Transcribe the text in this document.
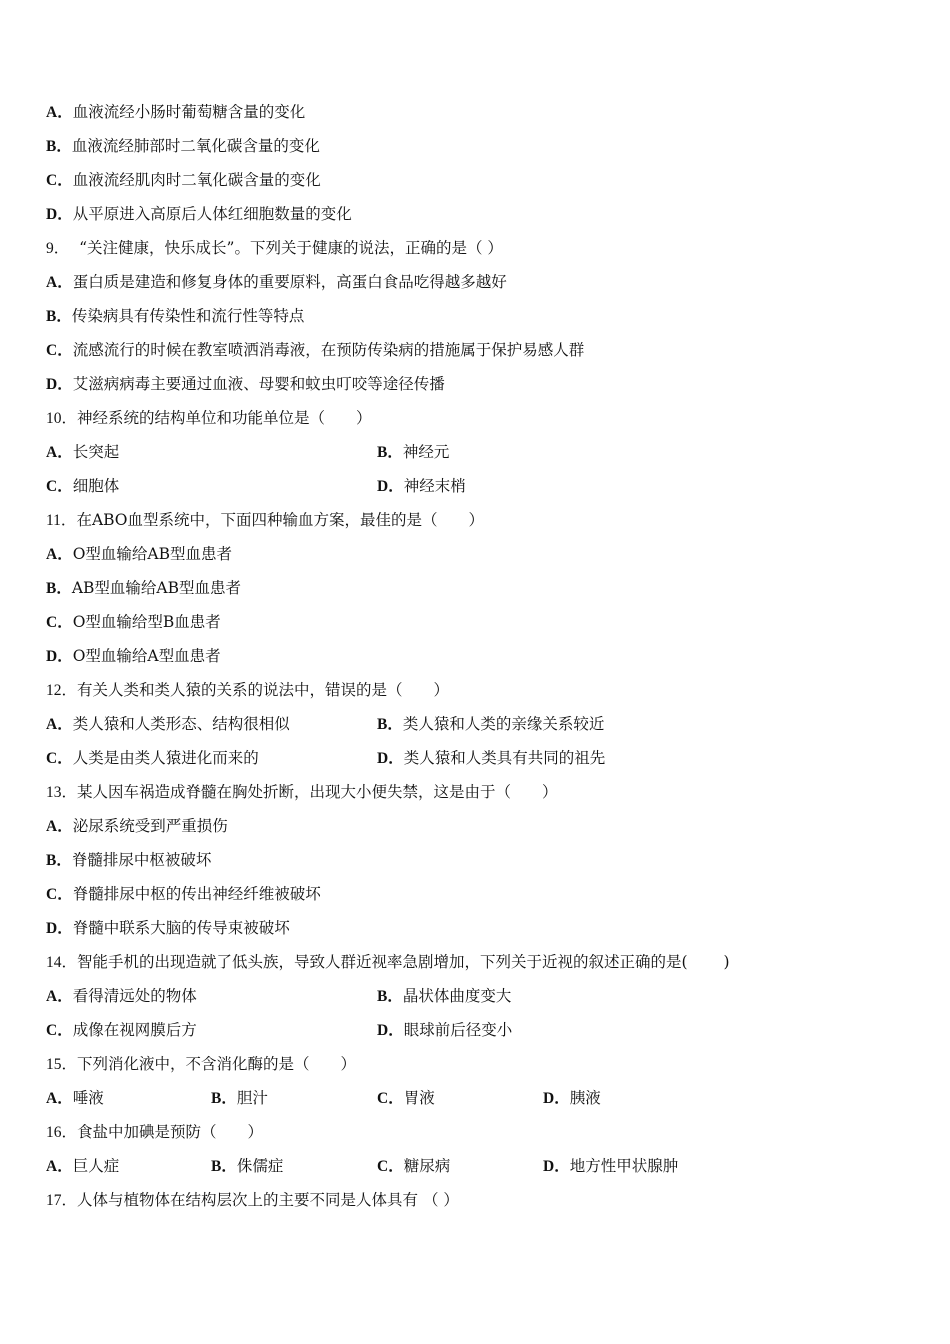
A．血液流经小肠时葡萄糖含量的变化
B．血液流经肺部时二氧化碳含量的变化
C．血液流经肌肉时二氧化碳含量的变化
D．从平原进入高原后人体红细胞数量的变化
9． “关注健康，快乐成长”。下列关于健康的说法，正确的是（ ）
A．蛋白质是建造和修复身体的重要原料，高蛋白食品吃得越多越好
B．传染病具有传染性和流行性等特点
C．流感流行的时候在教室喷洒消毒液，在预防传染病的措施属于保护易感人群
D．艾滋病病毒主要通过血液、母婴和蚊虫叮咬等途径传播
10．神经系统的结构单位和功能单位是（　　）
A．长突起	B．神经元
C．细胞体	D．神经末梢
11．在ABO血型系统中，下面四种输血方案，最佳的是（　　）
A．O型血输给AB型血患者
B．AB型血输给AB型血患者
C．O型血输给型B血患者
D．O型血输给A型血患者
12．有关人类和类人猿的关系的说法中，错误的是（　　）
A．类人猿和人类形态、结构很相似	B．类人猿和人类的亲缘关系较近
C．人类是由类人猿进化而来的	D．类人猿和人类具有共同的祖先
13．某人因车祸造成脊髓在胸处折断，出现大小便失禁，这是由于（　　）
A．泌尿系统受到严重损伤
B．脊髓排尿中枢被破坏
C．脊髓排尿中枢的传出神经纤维被破坏
D．脊髓中联系大脑的传导束被破坏
14．智能手机的出现造就了低头族，导致人群近视率急剧增加，下列关于近视的叙述正确的是(　　 )
A．看得清远处的物体	B．晶状体曲度变大
C．成像在视网膜后方	D．眼球前后径变小
15．下列消化液中，不含消化酶的是（　　）
A．唾液	B．胆汁	C．胃液	D．胰液
16．食盐中加碘是预防（　　）
A．巨人症	B．侏儒症	C．糖尿病	D．地方性甲状腺肿
17．人体与植物体在结构层次上的主要不同是人体具有 （ ）
